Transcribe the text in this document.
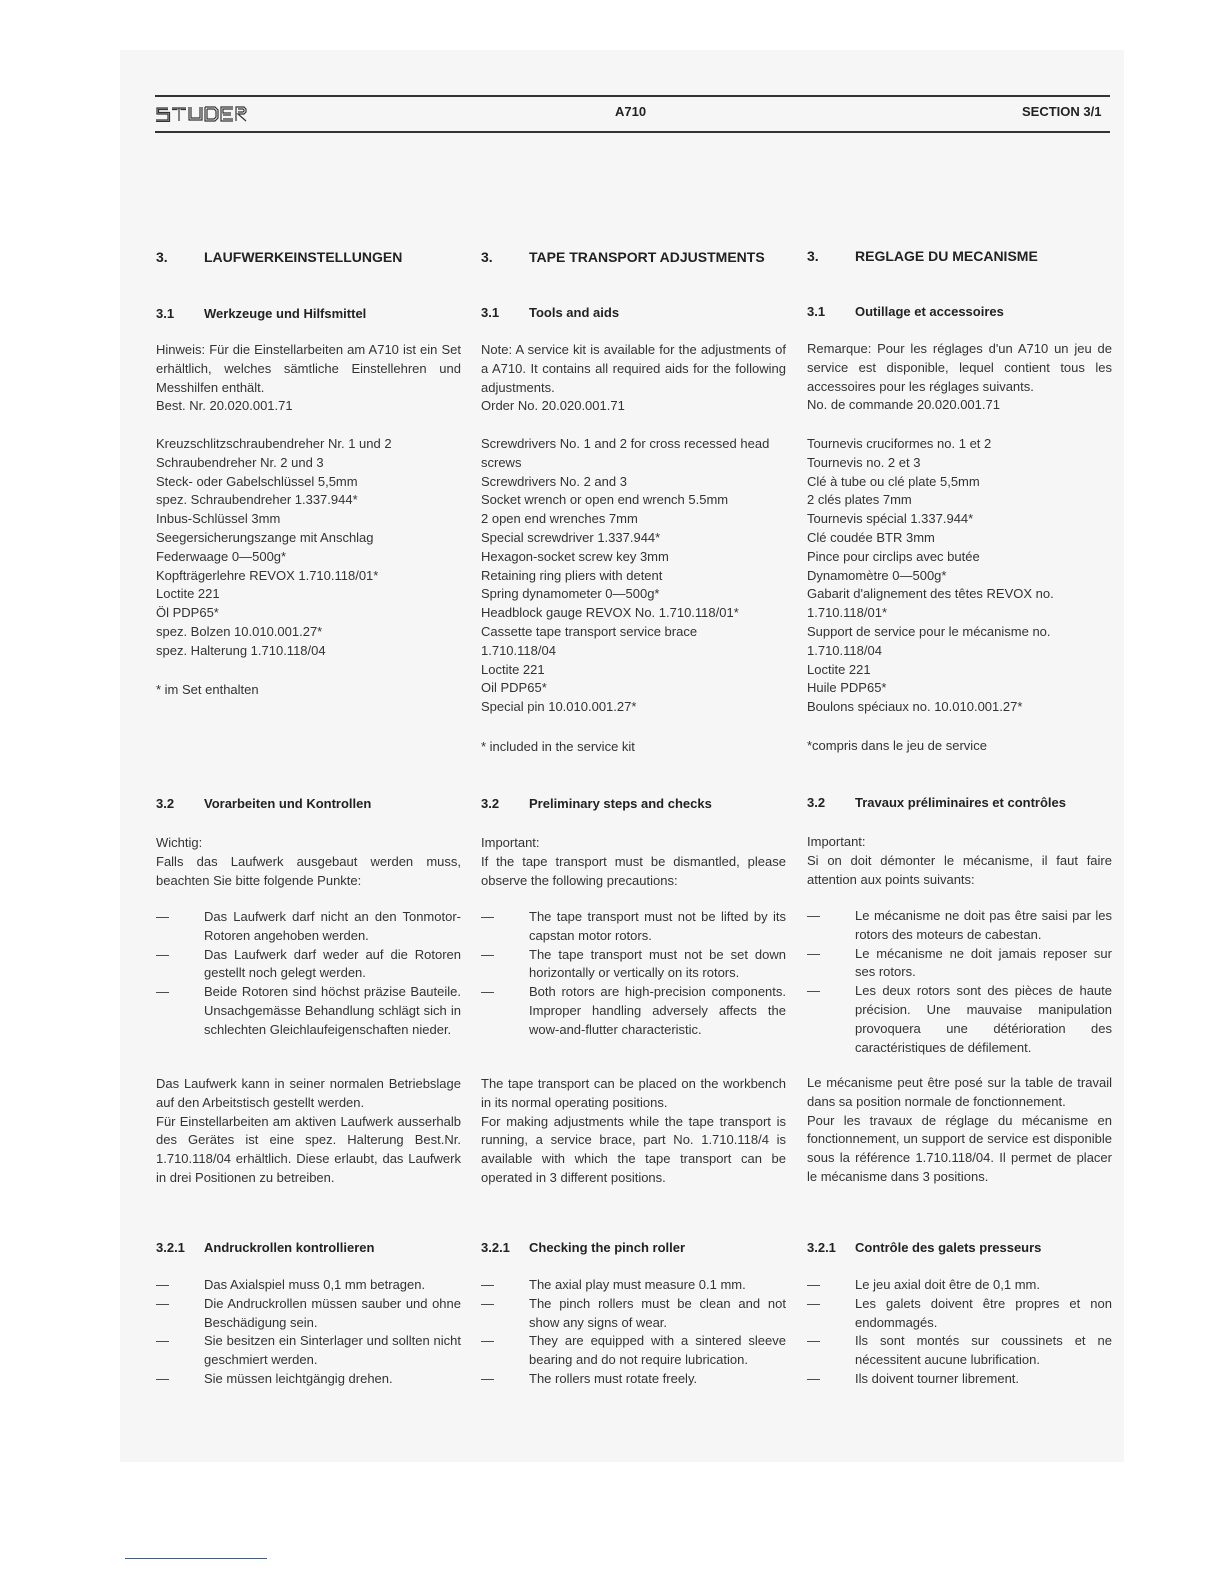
A710	SECTION 3/1
3.	LAUFWERKEINSTELLUNGEN
3.1 Werkzeuge und Hilfsmittel

Hinweis: Für die Einstellarbeiten am A710 ist ein Set erhältlich, welches sämtliche Einstellehren und Messhilfen enthält.

Best. Nr. 20.020.001.71

Kreuzschlitzschraubendreher Nr. 1 und 2

Schraubendreher Nr. 2 und 3

Steck- oder Gabelschlüssel 5,5mm

spez. Schraubendreher 1.337.944*

Inbus-Schlüssel 3mm

Seegersicherungszange mit Anschlag

Federwaage 0—500g*

Kopfträgerlehre REVOX 1.710.118/01*

Loctite 221

Öl PDP65*

spez. Bolzen 10.010.001.27*

spez. Halterung 1.710.118/04

* im Set enthalten
3.2 Vorarbeiten und Kontrollen

Wichtig:

Falls das Laufwerk ausgebaut werden muss, beachten Sie bitte folgende Punkte:

—	Das Laufwerk darf nicht an den Tonmotor-Rotoren angehoben werden.
—	Das Laufwerk darf weder auf die Rotoren gestellt noch gelegt werden.
—	Beide Rotoren sind höchst präzise Bauteile. Unsachgemässe Behandlung schlägt sich in schlechten Gleichlaufeigenschaften nieder.

Das Laufwerk kann in seiner normalen Betriebslage auf den Arbeitstisch gestellt werden.

Für Einstellarbeiten am aktiven Laufwerk ausserhalb des Gerätes ist eine spez. Halterung Best.Nr. 1.710.118/04 erhältlich. Diese erlaubt, das Laufwerk in drei Positionen zu betreiben.

3.2.1 Andruckrollen kontrollieren
—	Das Axialspiel muss 0,1 mm betragen.
—	Die Andruckrollen müssen sauber und ohne Beschädigung sein.
—	Sie besitzen ein Sinterlager und sollten nicht geschmiert werden.
—	Sie müssen leichtgängig drehen.
3.	TAPE TRANSPORT ADJUSTMENTS
3.1 Tools and aids

Note: A service kit is available for the adjustments of a A710. It contains all required aids for the following adjustments.

Order No. 20.020.001.71

Screwdrivers No. 1 and 2 for cross recessed head screws

Screwdrivers No. 2 and 3

Socket wrench or open end wrench 5.5mm

2 open end wrenches 7mm

Special screwdriver 1.337.944*

Hexagon-socket screw key 3mm

Retaining ring pliers with detent

Spring dynamometer 0—500g*

Headblock gauge REVOX No. 1.710.118/01*

Cassette tape transport service brace

1.710.118/04

Loctite 221

Oil PDP65*

Special pin 10.010.001.27*

* included in the service kit
3.2 Preliminary steps and checks

Important:

If the tape transport must be dismantled, please observe the following precautions:

—	The tape transport must not be lifted by its capstan motor rotors.
—	The tape transport must not be set down horizontally or vertically on its rotors.
—	Both rotors are high-precision components. Improper handling adversely affects the wow-and-flutter characteristic.

The tape transport can be placed on the workbench in its normal operating positions.

For making adjustments while the tape transport is running, a service brace, part No. 1.710.118/4 is available with which the tape transport can be operated in 3 different positions.

3.2.1 Checking the pinch roller
—	The axial play must measure 0.1 mm.
—	The pinch rollers must be clean and not show any signs of wear.
—	They are equipped with a sintered sleeve bearing and do not require lubrication.
—	The rollers must rotate freely.
3.	REGLAGE DU MECANISME
3.1 Outillage et accessoires

Remarque: Pour les réglages d'un A710 un jeu de service est disponible, lequel contient tous les accessoires pour les réglages suivants.

No. de commande 20.020.001.71

Tournevis cruciformes no. 1 et 2

Tournevis no. 2 et 3

Clé à tube ou clé plate 5,5mm

2 clés plates 7mm

Tournevis spécial 1.337.944*

Clé coudée BTR 3mm

Pince pour circlips avec butée

Dynamomètre 0—500g*

Gabarit d'alignement des têtes REVOX no.

1.710.118/01*

Support de service pour le mécanisme no.

1.710.118/04

Loctite 221

Huile PDP65*

Boulons spéciaux no. 10.010.001.27*

*compris dans le jeu de service
3.2 Travaux préliminaires et contrôles

Important:

Si on doit démonter le mécanisme, il faut faire attention aux points suivants:

—	Le mécanisme ne doit pas être saisi par les rotors des moteurs de cabestan.
—	Le mécanisme ne doit jamais reposer sur ses rotors.
—	Les deux rotors sont des pièces de haute précision. Une mauvaise manipulation provoquera une détérioration des caractéristiques de défilement.

Le mécanisme peut être posé sur la table de travail dans sa position normale de fonctionnement.

Pour les travaux de réglage du mécanisme en fonctionnement, un support de service est disponible sous la référence 1.710.118/04. Il permet de placer le mécanisme dans 3 positions.

3.2.1 Contrôle des galets presseurs
—	Le jeu axial doit être de 0,1 mm.
—	Les galets doivent être propres et non endommagés.
—	Ils sont montés sur coussinets et ne nécessitent aucune lubrification.
—	Ils doivent tourner librement.
